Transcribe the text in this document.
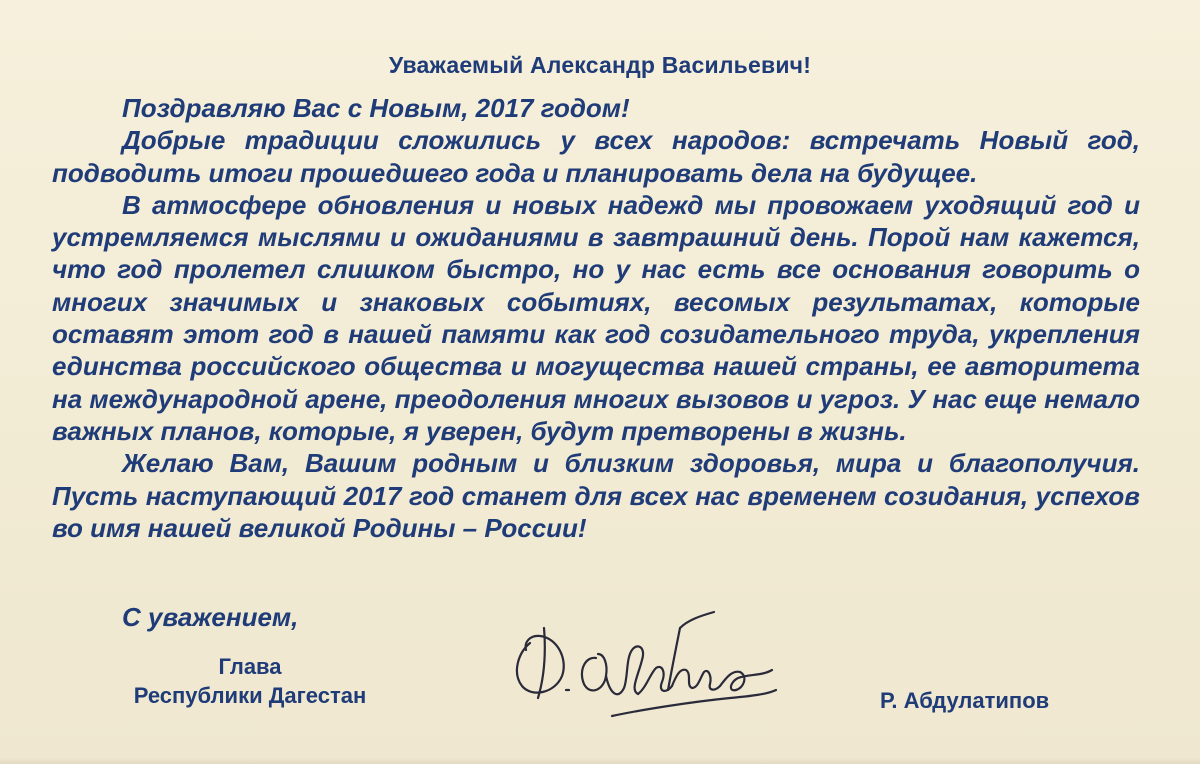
Уважаемый Александр Васильевич!

Поздравляю Вас с Новым, 2017 годом!

Добрые традиции сложились у всех народов: встречать Новый год, подводить итоги прошедшего года и планировать дела на будущее.

В атмосфере обновления и новых надежд мы провожаем уходящий год и устремляемся мыслями и ожиданиями в завтрашний день. Порой нам кажется, что год пролетел слишком быстро, но у нас есть все основания говорить о многих значимых и знаковых событиях, весомых результатах, которые оставят этот год в нашей памяти как год созидательного труда, укрепления единства российского общества и могущества нашей страны, ее авторитета на международной арене, преодоления многих вызовов и угроз. У нас еще немало важных планов, которые, я уверен, будут претворены в жизнь.

Желаю Вам, Вашим родным и близким здоровья, мира и благополучия. Пусть наступающий 2017 год станет для всех нас временем созидания, успехов во имя нашей великой Родины – России!

С уважением,
Глава
Республики Дагестан	Р. Абдулатипов
